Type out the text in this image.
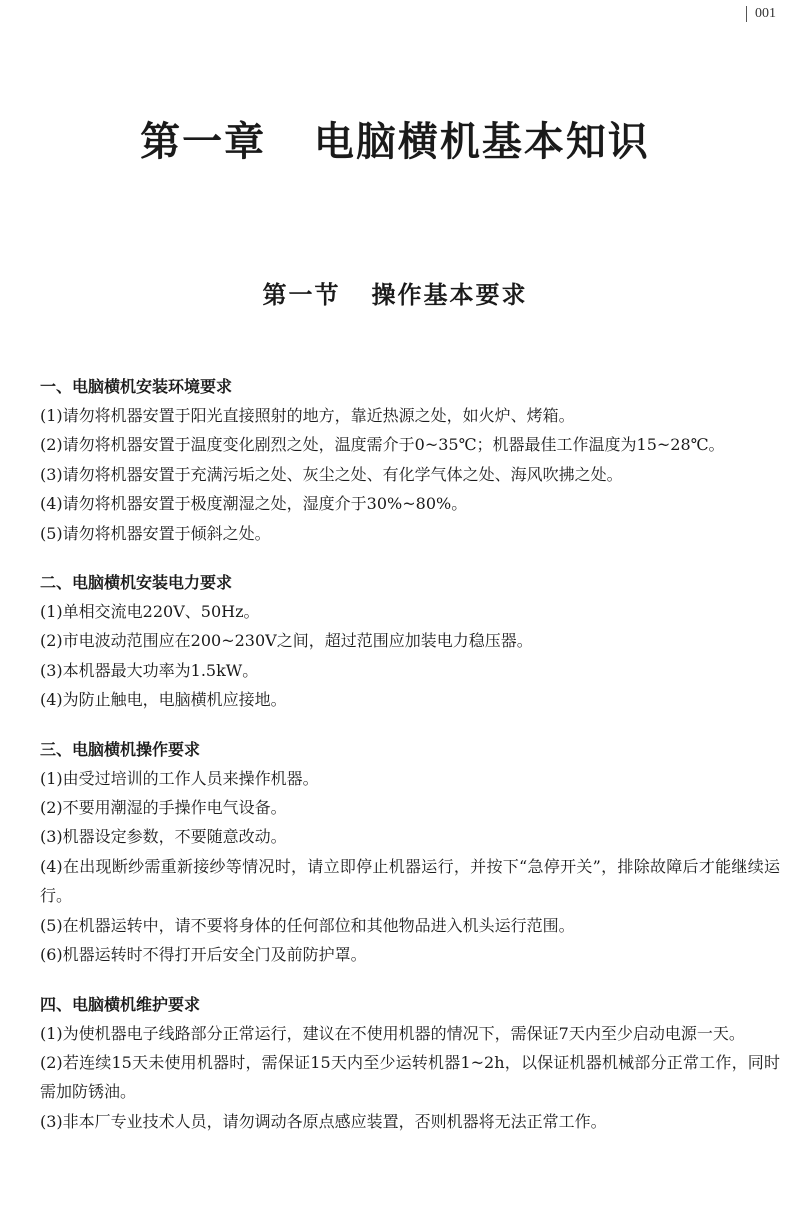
001
第一章   电脑横机基本知识
第一节   操作基本要求

一、电脑横机安装环境要求

(1)请勿将机器安置于阳光直接照射的地方，靠近热源之处，如火炉、烤箱。

(2)请勿将机器安置于温度变化剧烈之处，温度需介于0~35℃；机器最佳工作温度为15~28℃。

(3)请勿将机器安置于充满污垢之处、灰尘之处、有化学气体之处、海风吹拂之处。

(4)请勿将机器安置于极度潮湿之处，湿度介于30%~80%。

(5)请勿将机器安置于倾斜之处。

二、电脑横机安装电力要求

(1)单相交流电220V、50Hz。

(2)市电波动范围应在200~230V之间，超过范围应加装电力稳压器。

(3)本机器最大功率为1.5kW。

(4)为防止触电，电脑横机应接地。

三、电脑横机操作要求

(1)由受过培训的工作人员来操作机器。

(2)不要用潮湿的手操作电气设备。

(3)机器设定参数，不要随意改动。

(4)在出现断纱需重新接纱等情况时，请立即停止机器运行，并按下“急停开关”，排除故障后才能继续运行。

(5)在机器运转中，请不要将身体的任何部位和其他物品进入机头运行范围。

(6)机器运转时不得打开后安全门及前防护罩。

四、电脑横机维护要求

(1)为使机器电子线路部分正常运行，建议在不使用机器的情况下，需保证7天内至少启动电源一天。

(2)若连续15天未使用机器时，需保证15天内至少运转机器1~2h，以保证机器机械部分正常工作，同时需加防锈油。

(3)非本厂专业技术人员，请勿调动各原点感应装置，否则机器将无法正常工作。
